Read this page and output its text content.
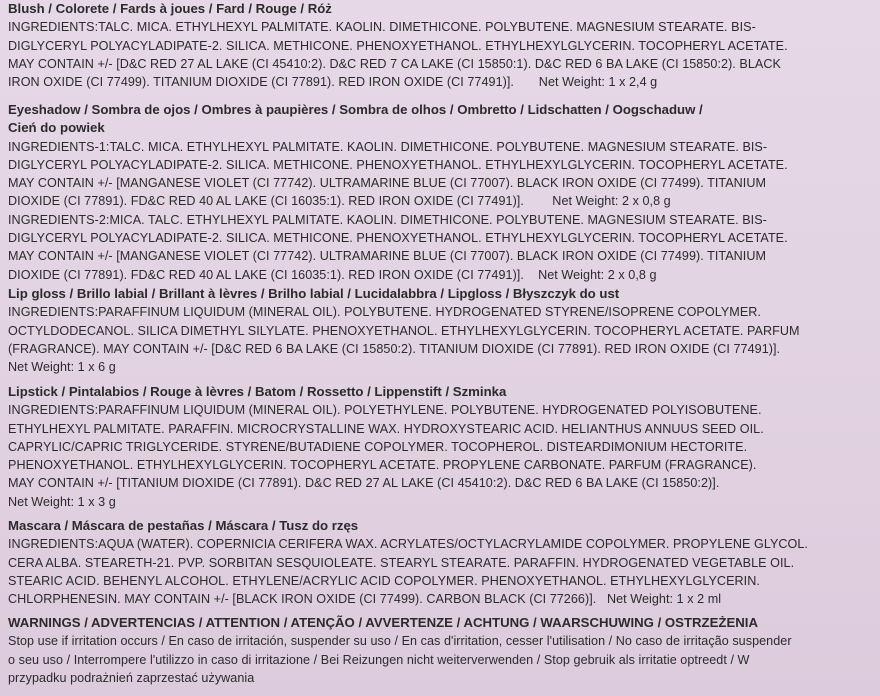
Blush / Colorete / Fards à joues / Fard / Rouge / Róż
INGREDIENTS:TALC. MICA. ETHYLHEXYL PALMITATE. KAOLIN. DIMETHICONE. POLYBUTENE. MAGNESIUM STEARATE. BIS-
DIGLYCERYL POLYACYLADIPATE-2. SILICA. METHICONE. PHENOXYETHANOL. ETHYLHEXYLGLYCERIN. TOCOPHERYL ACETATE.
MAY CONTAIN +/- [D&C RED 27 AL LAKE (CI 45410:2). D&C RED 7 CA LAKE (CI 15850:1). D&C RED 6 BA LAKE (CI 15850:2). BLACK
IRON OXIDE (CI 77499). TITANIUM DIOXIDE (CI 77891). RED IRON OXIDE (CI 77491)].       Net Weight: 1 x 2,4 g
Eyeshadow / Sombra de ojos / Ombres à paupières / Sombra de olhos / Ombretto / Lidschatten / Oogschaduw /
Cień do powiek
INGREDIENTS-1:TALC. MICA. ETHYLHEXYL PALMITATE. KAOLIN. DIMETHICONE. POLYBUTENE. MAGNESIUM STEARATE. BIS-
DIGLYCERYL POLYACYLADIPATE-2. SILICA. METHICONE. PHENOXYETHANOL. ETHYLHEXYLGLYCERIN. TOCOPHERYL ACETATE.
MAY CONTAIN +/- [MANGANESE VIOLET (CI 77742). ULTRAMARINE BLUE (CI 77007). BLACK IRON OXIDE (CI 77499). TITANIUM
DIOXIDE (CI 77891). FD&C RED 40 AL LAKE (CI 16035:1). RED IRON OXIDE (CI 77491)].        Net Weight: 2 x 0,8 g
INGREDIENTS-2:MICA. TALC. ETHYLHEXYL PALMITATE. KAOLIN. DIMETHICONE. POLYBUTENE. MAGNESIUM STEARATE. BIS-
DIGLYCERYL POLYACYLADIPATE-2. SILICA. METHICONE. PHENOXYETHANOL. ETHYLHEXYLGLYCERIN. TOCOPHERYL ACETATE.
MAY CONTAIN +/- [MANGANESE VIOLET (CI 77742). ULTRAMARINE BLUE (CI 77007). BLACK IRON OXIDE (CI 77499). TITANIUM
DIOXIDE (CI 77891). FD&C RED 40 AL LAKE (CI 16035:1). RED IRON OXIDE (CI 77491)].    Net Weight: 2 x 0,8 g
Lip gloss / Brillo labial / Brillant à lèvres / Brilho labial / Lucidalabbra / Lipgloss / Błyszczyk do ust
INGREDIENTS:PARAFFINUM LIQUIDUM (MINERAL OIL). POLYBUTENE. HYDROGENATED STYRENE/ISOPRENE COPOLYMER.
OCTYLDODECANOL. SILICA DIMETHYL SILYLATE. PHENOXYETHANOL. ETHYLHEXYLGLYCERIN. TOCOPHERYL ACETATE. PARFUM
(FRAGRANCE). MAY CONTAIN +/- [D&C RED 6 BA LAKE (CI 15850:2). TITANIUM DIOXIDE (CI 77891). RED IRON OXIDE (CI 77491)].
Net Weight: 1 x 6 g
Lipstick / Pintalabios / Rouge à lèvres / Batom / Rossetto / Lippenstift / Szminka
INGREDIENTS:PARAFFINUM LIQUIDUM (MINERAL OIL). POLYETHYLENE. POLYBUTENE. HYDROGENATED POLYISOBUTENE.
ETHYLHEXYL PALMITATE. PARAFFIN. MICROCRYSTALLINE WAX. HYDROXYSTEARIC ACID. HELIANTHUS ANNUUS SEED OIL.
CAPRYLIC/CAPRIC TRIGLYCERIDE. STYRENE/BUTADIENE COPOLYMER. TOCOPHEROL. DISTEARDIMONIUM HECTORITE.
PHENOXYETHANOL. ETHYLHEXYLGLYCERIN. TOCOPHERYL ACETATE. PROPYLENE CARBONATE. PARFUM (FRAGRANCE).
MAY CONTAIN +/- [TITANIUM DIOXIDE (CI 77891). D&C RED 27 AL LAKE (CI 45410:2). D&C RED 6 BA LAKE (CI 15850:2)].
Net Weight: 1 x 3 g
Mascara / Máscara de pestañas / Máscara / Tusz do rzęs
INGREDIENTS:AQUA (WATER). COPERNICIA CERIFERA WAX. ACRYLATES/OCTYLACRYLAMIDE COPOLYMER. PROPYLENE GLYCOL.
CERA ALBA. STEARETH-21. PVP. SORBITAN SESQUIOLEATE. STEARYL STEARATE. PARAFFIN. HYDROGENATED VEGETABLE OIL.
STEARIC ACID. BEHENYL ALCOHOL. ETHYLENE/ACRYLIC ACID COPOLYMER. PHENOXYETHANOL. ETHYLHEXYLGLYCERIN.
CHLORPHENESIN. MAY CONTAIN +/- [BLACK IRON OXIDE (CI 77499). CARBON BLACK (CI 77266)].   Net Weight: 1 x 2 ml
WARNINGS / ADVERTENCIAS / ATTENTION / ATENÇÃO / AVVERTENZE / ACHTUNG / WAARSCHUWING / OSTRZEŻENIA
Stop use if irritation occurs / En caso de irritación, suspender su uso / En cas d'irritation, cesser l'utilisation / No caso de irritação suspender
o seu uso / Interrompere l'utilizzo in caso di irritazione / Bei Reizungen nicht weiterverwenden / Stop gebruik als irritatie optreedt / W
przypadku podrażnień zaprzestać używania
